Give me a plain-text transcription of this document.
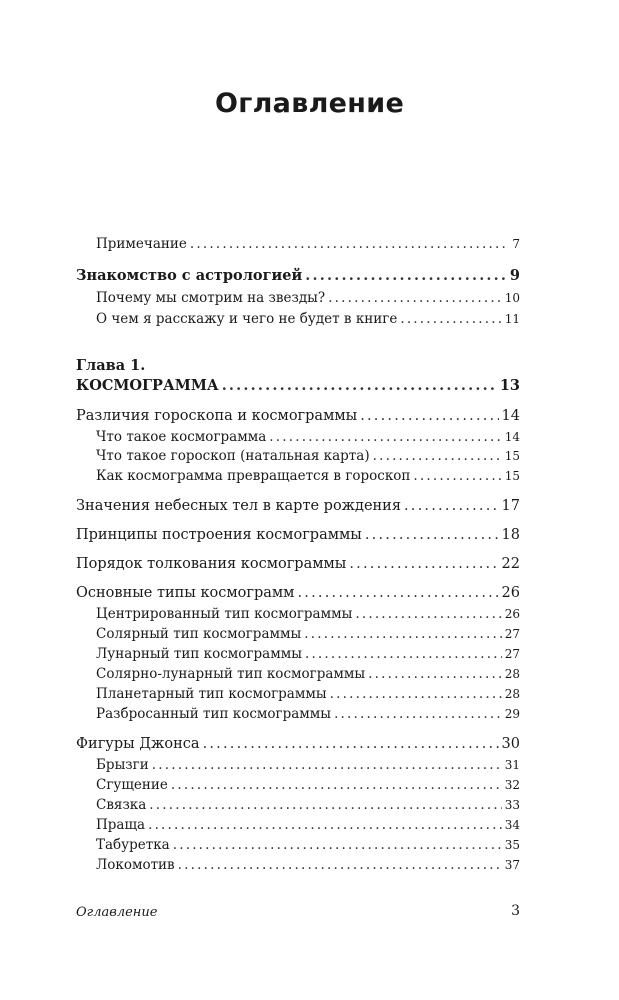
Оглавление
Примечание .....	7
Знакомство с астрологией .....	9
Почему мы смотрим на звезды? .....	10
О чем я расскажу и чего не будет в книге .....	11
Глава 1.
КОСМОГРАММА .....	13
Различия гороскопа и космограммы .....	14
Что такое космограмма .....	14
Что такое гороскоп (натальная карта) .....	15
Как космограмма превращается в гороскоп .....	15
Значения небесных тел в карте рождения .....	17
Принципы построения космограммы .....	18
Порядок толкования космограммы .....	22
Основные типы космограмм .....	26
Центрированный тип космограммы .....	26
Солярный тип космограммы .....	27
Лунарный тип космограммы .....	27
Солярно-лунарный тип космограммы .....	28
Планетарный тип космограммы .....	28
Разбросанный тип космограммы .....	29
Фигуры Джонса .....	30
Брызги .....	31
Сгущение .....	32
Связка .....	33
Праща .....	34
Табуретка .....	35
Локомотив .....	37
Оглавление	3
